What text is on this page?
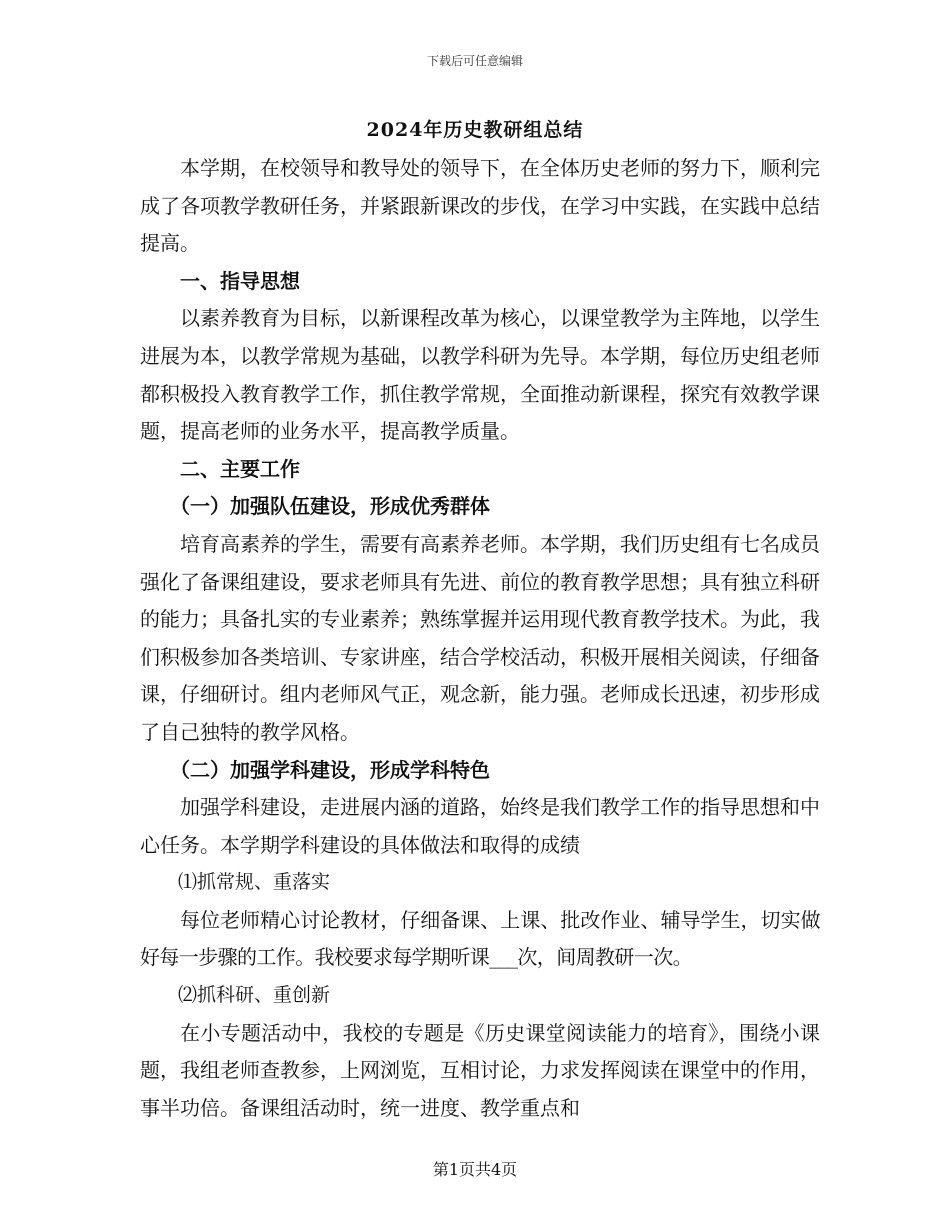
下载后可任意编辑
2024年历史教研组总结

本学期，在校领导和教导处的领导下，在全体历史老师的努力下，顺利完成了各项教学教研任务，并紧跟新课改的步伐，在学习中实践，在实践中总结提高。

一、指导思想

以素养教育为目标，以新课程改革为核心，以课堂教学为主阵地，以学生进展为本，以教学常规为基础，以教学科研为先导。本学期，每位历史组老师都积极投入教育教学工作，抓住教学常规，全面推动新课程，探究有效教学课题，提高老师的业务水平，提高教学质量。

二、主要工作

（一）加强队伍建设，形成优秀群体

培育高素养的学生，需要有高素养老师。本学期，我们历史组有七名成员强化了备课组建设，要求老师具有先进、前位的教育教学思想；具有独立科研的能力；具备扎实的专业素养；熟练掌握并运用现代教育教学技术。为此，我们积极参加各类培训、专家讲座，结合学校活动，积极开展相关阅读，仔细备课，仔细研讨。组内老师风气正，观念新，能力强。老师成长迅速，初步形成了自己独特的教学风格。

（二）加强学科建设，形成学科特色

加强学科建设，走进展内涵的道路，始终是我们教学工作的指导思想和中心任务。本学期学科建设的具体做法和取得的成绩

⑴抓常规、重落实

每位老师精心讨论教材，仔细备课、上课、批改作业、辅导学生，切实做好每一步骤的工作。我校要求每学期听课___次，间周教研一次。

⑵抓科研、重创新

在小专题活动中，我校的专题是《历史课堂阅读能力的培育》，围绕小课题，我组老师查教参，上网浏览，互相讨论，力求发挥阅读在课堂中的作用，事半功倍。备课组活动时，统一进度、教学重点和

第1页共4页
